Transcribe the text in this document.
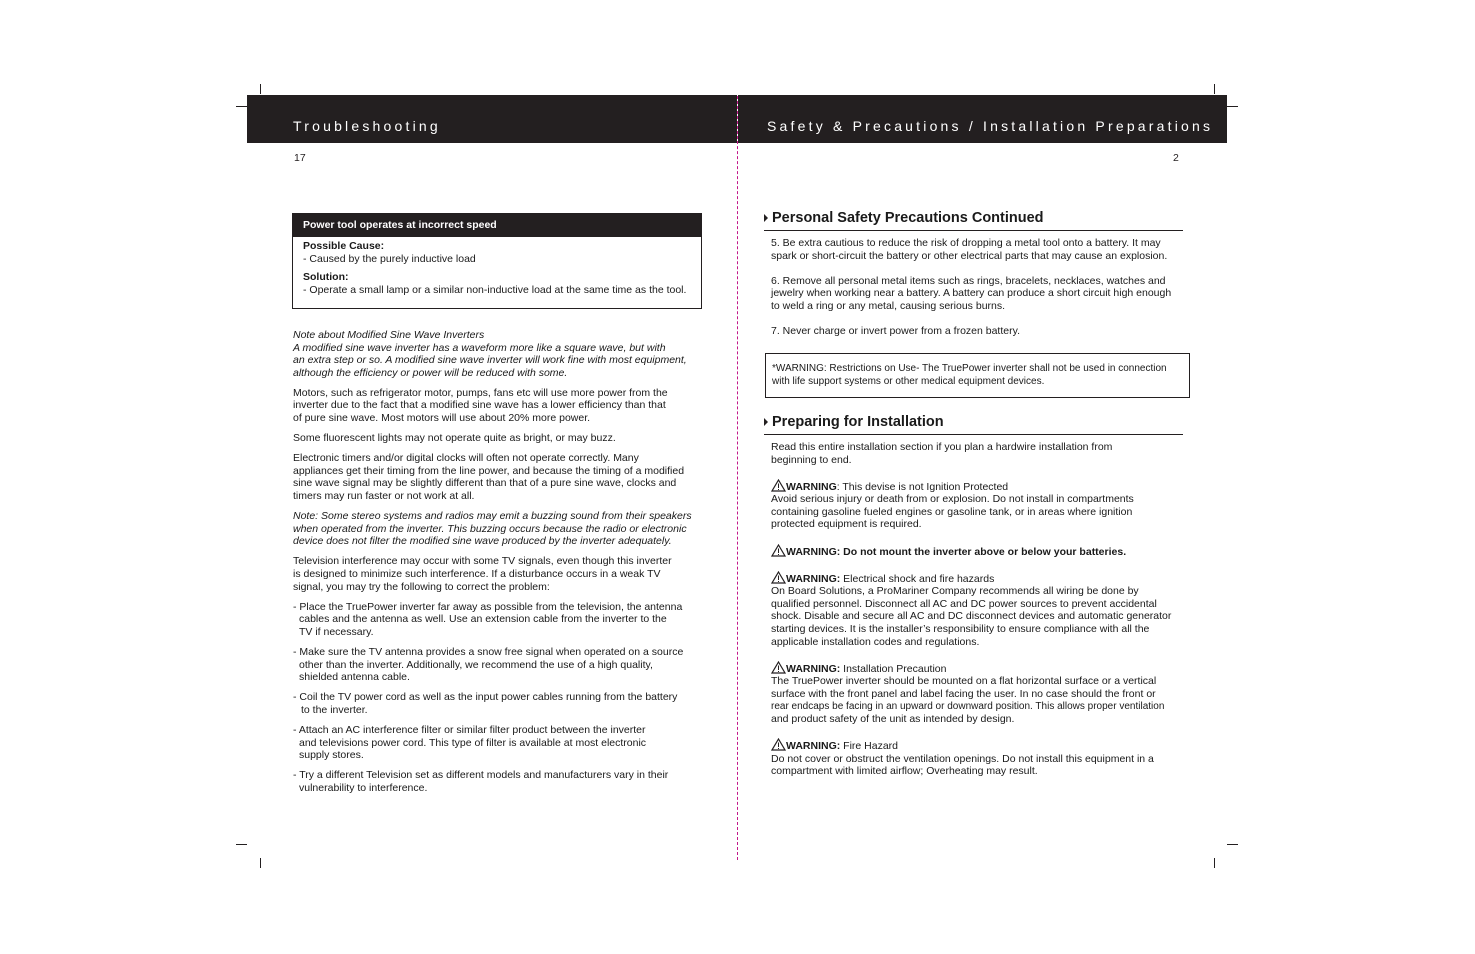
Troubleshooting	Safety & Precautions / Installation Preparations
17	2
Power tool operates at incorrect speed

Possible Cause:

- Caused by the purely inductive load

Solution:

- Operate a small lamp or a similar non-inductive load at the same time as the tool.

Note about Modified Sine Wave Inverters

A modified sine wave inverter has a waveform more like a square wave, but with

an extra step or so. A modified sine wave inverter will work fine with most equipment,

although the efficiency or power will be reduced with some.

Motors, such as refrigerator motor, pumps, fans etc will use more power from the

inverter due to the fact that a modified sine wave has a lower efficiency than that

of pure sine wave. Most motors will use about 20% more power.

Some fluorescent lights may not operate quite as bright, or may buzz.

Electronic timers and/or digital clocks will often not operate correctly. Many

appliances get their timing from the line power, and because the timing of a modified

sine wave signal may be slightly different than that of a pure sine wave, clocks and

timers may run faster or not work at all.

Note: Some stereo systems and radios may emit a buzzing sound from their speakers

when operated from the inverter. This buzzing occurs because the radio or electronic

device does not filter the modified sine wave produced by the inverter adequately.

Television interference may occur with some TV signals, even though this inverter

is designed to minimize such interference. If a disturbance occurs in a weak TV

signal, you may try the following to correct the problem:

- Place the TruePower inverter far away as possible from the television, the antenna

cables and the antenna as well. Use an extension cable from the inverter to the

TV if necessary.

- Make sure the TV antenna provides a snow free signal when operated on a source

other than the inverter. Additionally, we recommend the use of a high quality,

shielded antenna cable.

- Coil the TV power cord as well as the input power cables running from the battery

to the inverter.

- Attach an AC interference filter or similar filter product between the inverter

and televisions power cord. This type of filter is available at most electronic

supply stores.

- Try a different Television set as different models and manufacturers vary in their

vulnerability to interference.

Personal Safety Precautions Continued

5. Be extra cautious to reduce the risk of dropping a metal tool onto a battery. It may

spark or short-circuit the battery or other electrical parts that may cause an explosion.

6. Remove all personal metal items such as rings, bracelets, necklaces, watches and

jewelry when working near a battery. A battery can produce a short circuit high enough

to weld a ring or any metal, causing serious burns.

7. Never charge or invert power from a frozen battery.

*WARNING: Restrictions on Use- The TruePower inverter shall not be used in connection

with life support systems or other medical equipment devices.

Preparing for Installation

Read this entire installation section if you plan a hardwire installation from

beginning to end.

WARNING: This devise is not Ignition Protected

Avoid serious injury or death from or explosion. Do not install in compartments

containing gasoline fueled engines or gasoline tank, or in areas where ignition

protected equipment is required.

WARNING: Do not mount the inverter above or below your batteries.

WARNING: Electrical shock and fire hazards

On Board Solutions, a ProMariner Company recommends all wiring be done by

qualified personnel. Disconnect all AC and DC power sources to prevent accidental

shock. Disable and secure all AC and DC disconnect devices and automatic generator

starting devices. It is the installer’s responsibility to ensure compliance with all the

applicable installation codes and regulations.

WARNING: Installation Precaution

The TruePower inverter should be mounted on a flat horizontal surface or a vertical

surface with the front panel and label facing the user. In no case should the front or

rear endcaps be facing in an upward or downward position. This allows proper ventilation

and product safety of the unit as intended by design.

WARNING: Fire Hazard

Do not cover or obstruct the ventilation openings. Do not install this equipment in a

compartment with limited airflow; Overheating may result.
